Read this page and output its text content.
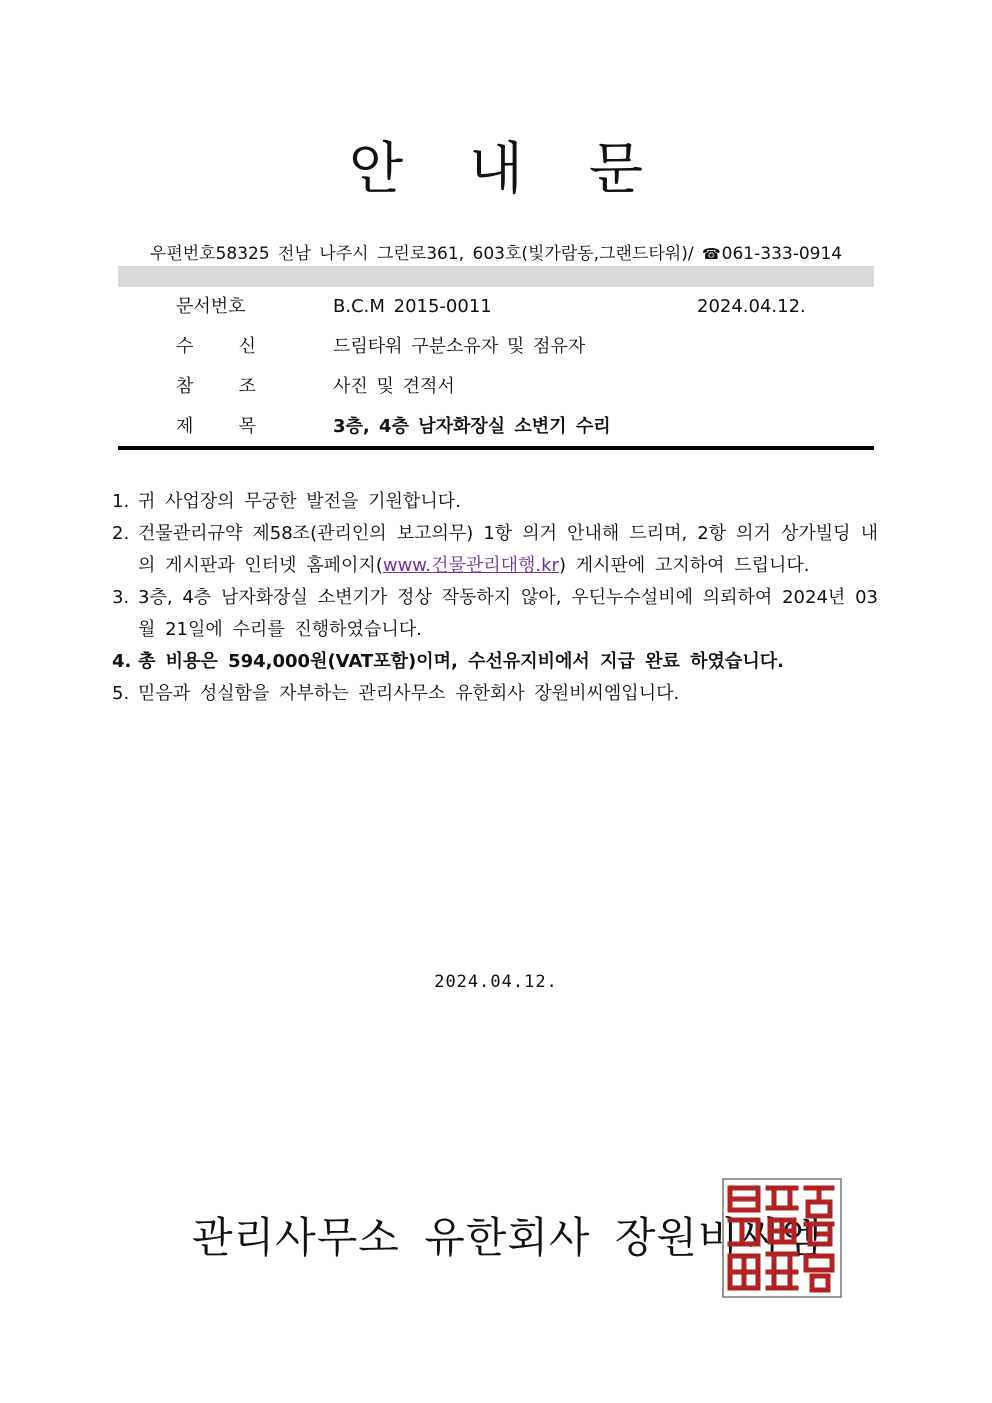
안 내 문
우편번호58325 전남 나주시 그린로361, 603호(빛가람동,그랜드타워)/ ☎061-333-0914
문서번호	B.C.M 2015-0011	2024.04.12.
수	신	드림타워 구분소유자 및 점유자
참	조	사진 및 견적서
제	목	3층, 4층 남자화장실 소변기 수리
1. 귀 사업장의 무궁한 발전을 기원합니다.
2. 건물관리규약 제58조(관리인의 보고의무) 1항 의거 안내해 드리며, 2항 의거 상가빌딩 내의 게시판과 인터넷 홈페이지(www.건물관리대행.kr) 게시판에 고지하여 드립니다.
3. 3층, 4층 남자화장실 소변기가 정상 작동하지 않아, 우딘누수설비에 의뢰하여 2024년 03월 21일에 수리를 진행하였습니다.
4. 총 비용은 594,000원(VAT포함)이며, 수선유지비에서 지급 완료 하였습니다.
5. 믿음과 성실함을 자부하는 관리사무소 유한회사 장원비씨엠입니다.
2024.04.12.
관리사무소 유한회사 장원비씨엠
